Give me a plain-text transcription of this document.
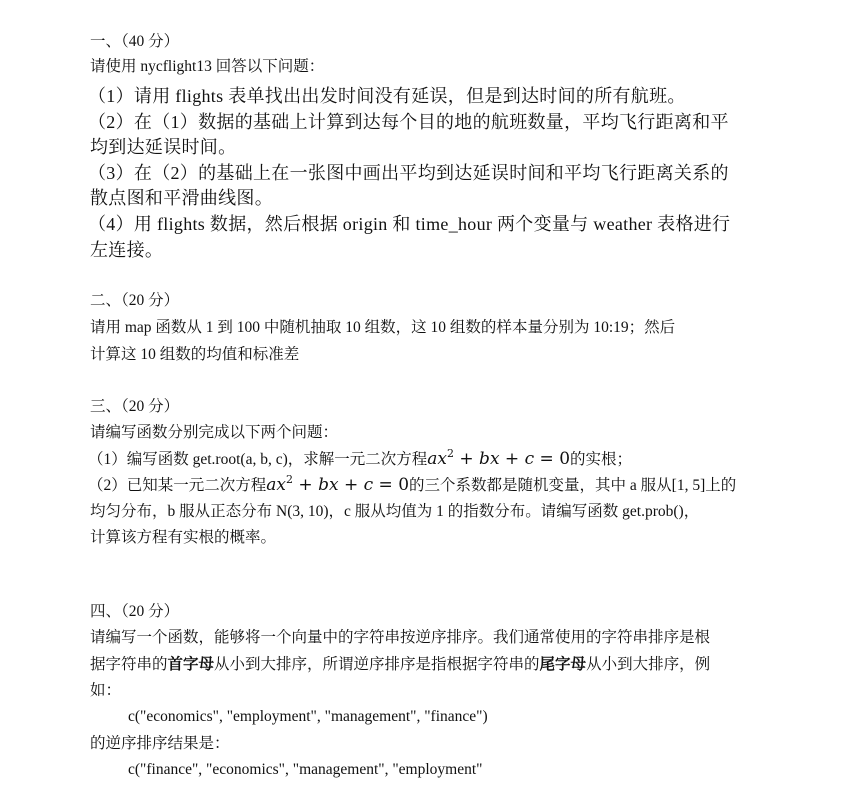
一、（40 分）
请使用 nycflight13 回答以下问题：
（1）请用 flights 表单找出出发时间没有延误，但是到达时间的所有航班。
（2）在（1）数据的基础上计算到达每个目的地的航班数量，平均飞行距离和平
均到达延误时间。
（3）在（2）的基础上在一张图中画出平均到达延误时间和平均飞行距离关系的
散点图和平滑曲线图。
（4）用 flights 数据，然后根据 origin 和 time_hour 两个变量与 weather 表格进行
左连接。
二、（20 分）
请用 map 函数从 1 到 100 中随机抽取 10 组数，这 10 组数的样本量分别为 10:19；然后
计算这 10 组数的均值和标准差
三、（20 分）
请编写函数分别完成以下两个问题：
（1）编写函数 get.root(a, b, c)，求解一元二次方程$ax^2$ + bx + c = 0的实根；
（2）已知某一元二次方程$ax^2$ + bx + c = 0的三个系数都是随机变量，其中 a 服从[1, 5]上的
均匀分布，b 服从正态分布 N(3, 10)，c 服从均值为 1 的指数分布。请编写函数 get.prob()，
计算该方程有实根的概率。
四、（20 分）
请编写一个函数，能够将一个向量中的字符串按逆序排序。我们通常使用的字符串排序是根
据字符串的首字母从小到大排序，所谓逆序排序是指根据字符串的尾字母从小到大排序，例
如：
c("economics", "employment", "management", "finance")
的逆序排序结果是：
c("finance", "economics", "management", "employment"
